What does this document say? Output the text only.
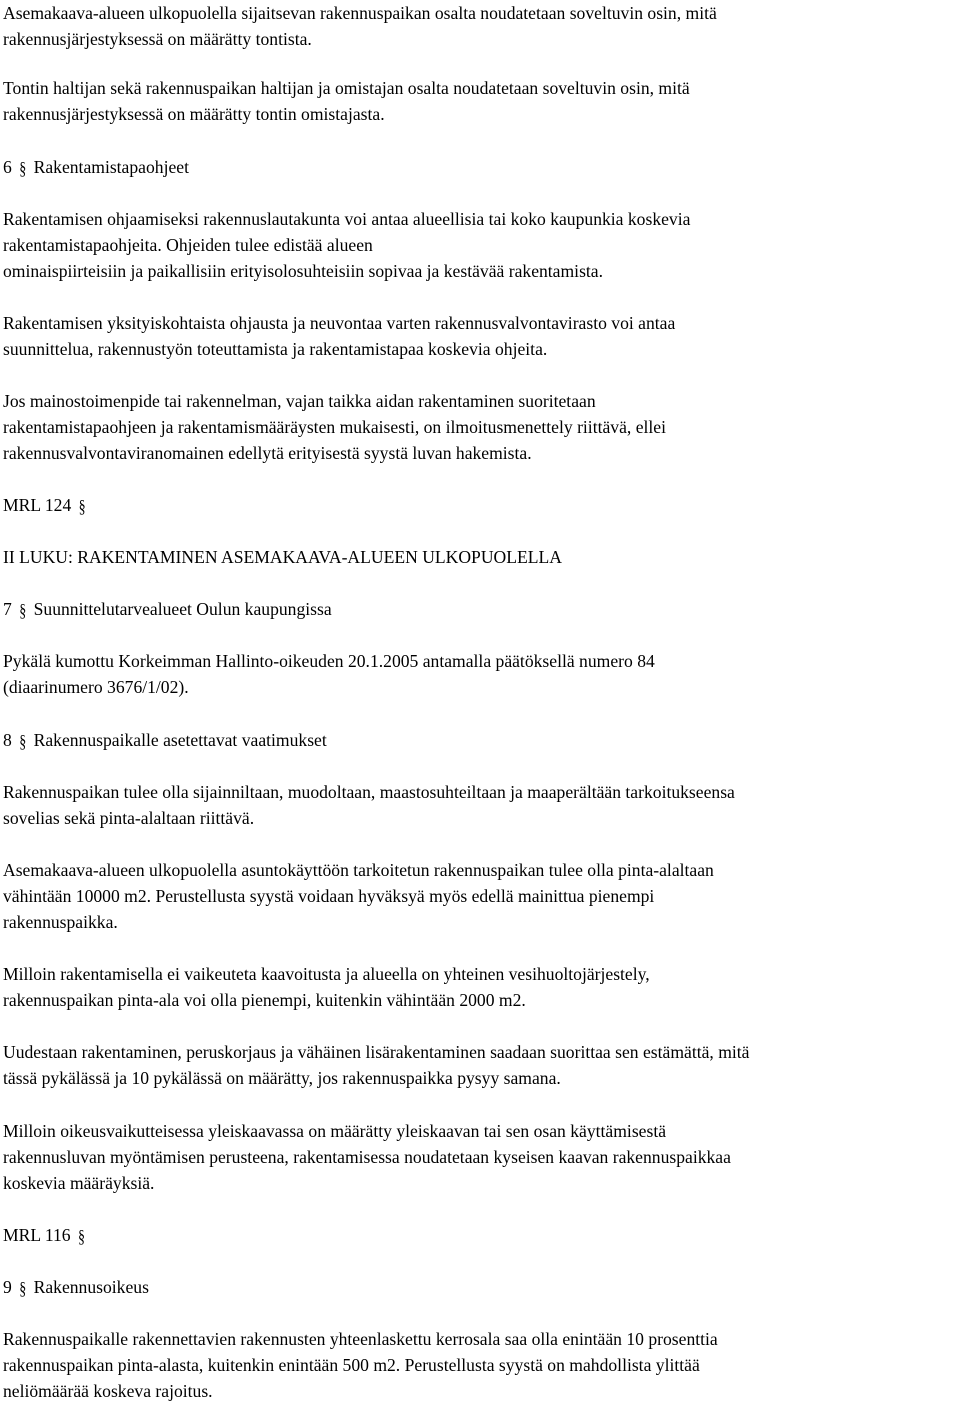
Asemakaava-alueen ulkopuolella sijaitsevan rakennuspaikan osalta noudatetaan soveltuvin osin, mitä
rakennusjärjestyksessä on määrätty tontista.

Tontin haltijan sekä rakennuspaikan haltijan ja omistajan osalta noudatetaan soveltuvin osin, mitä
rakennusjärjestyksessä on määrätty tontin omistajasta.

6 § Rakentamistapaohjeet

Rakentamisen ohjaamiseksi rakennuslautakunta voi antaa alueellisia tai koko kaupunkia koskevia
rakentamistapaohjeita. Ohjeiden tulee edistää alueen
ominaispiirteisiin ja paikallisiin erityisolosuhteisiin sopivaa ja kestävää rakentamista.

Rakentamisen yksityiskohtaista ohjausta ja neuvontaa varten rakennusvalvontavirasto voi antaa
suunnittelua, rakennustyön toteuttamista ja rakentamistapaa koskevia ohjeita.

Jos mainostoimenpide tai rakennelman, vajan taikka aidan rakentaminen suoritetaan
rakentamistapaohjeen ja rakentamismääräysten mukaisesti, on ilmoitusmenettely riittävä, ellei
rakennusvalvontaviranomainen edellytä erityisestä syystä luvan hakemista.

MRL 124 §

II LUKU: RAKENTAMINEN ASEMAKAAVA-ALUEEN ULKOPUOLELLA

7 § Suunnittelutarvealueet Oulun kaupungissa

Pykälä kumottu Korkeimman Hallinto-oikeuden 20.1.2005 antamalla päätöksellä numero 84
(diaarinumero 3676/1/02).

8 § Rakennuspaikalle asetettavat vaatimukset

Rakennuspaikan tulee olla sijainniltaan, muodoltaan, maastosuhteiltaan ja maaperältään tarkoitukseensa
sovelias sekä pinta-alaltaan riittävä.

Asemakaava-alueen ulkopuolella asuntokäyttöön tarkoitetun rakennuspaikan tulee olla pinta-alaltaan
vähintään 10000 m2. Perustellusta syystä voidaan hyväksyä myös edellä mainittua pienempi
rakennuspaikka.

Milloin rakentamisella ei vaikeuteta kaavoitusta ja alueella on yhteinen vesihuoltojärjestely,
rakennuspaikan pinta-ala voi olla pienempi, kuitenkin vähintään 2000 m2.

Uudestaan rakentaminen, peruskorjaus ja vähäinen lisärakentaminen saadaan suorittaa sen estämättä, mitä
tässä pykälässä ja 10 pykälässä on määrätty, jos rakennuspaikka pysyy samana.

Milloin oikeusvaikutteisessa yleiskaavassa on määrätty yleiskaavan tai sen osan käyttämisestä
rakennusluvan myöntämisen perusteena, rakentamisessa noudatetaan kyseisen kaavan rakennuspaikkaa
koskevia määräyksiä.

MRL 116 §

9 § Rakennusoikeus

Rakennuspaikalle rakennettavien rakennusten yhteenlaskettu kerrosala saa olla enintään 10 prosenttia
rakennuspaikan pinta-alasta, kuitenkin enintään 500 m2. Perustellusta syystä on mahdollista ylittää
neliömäärää koskeva rajoitus.
